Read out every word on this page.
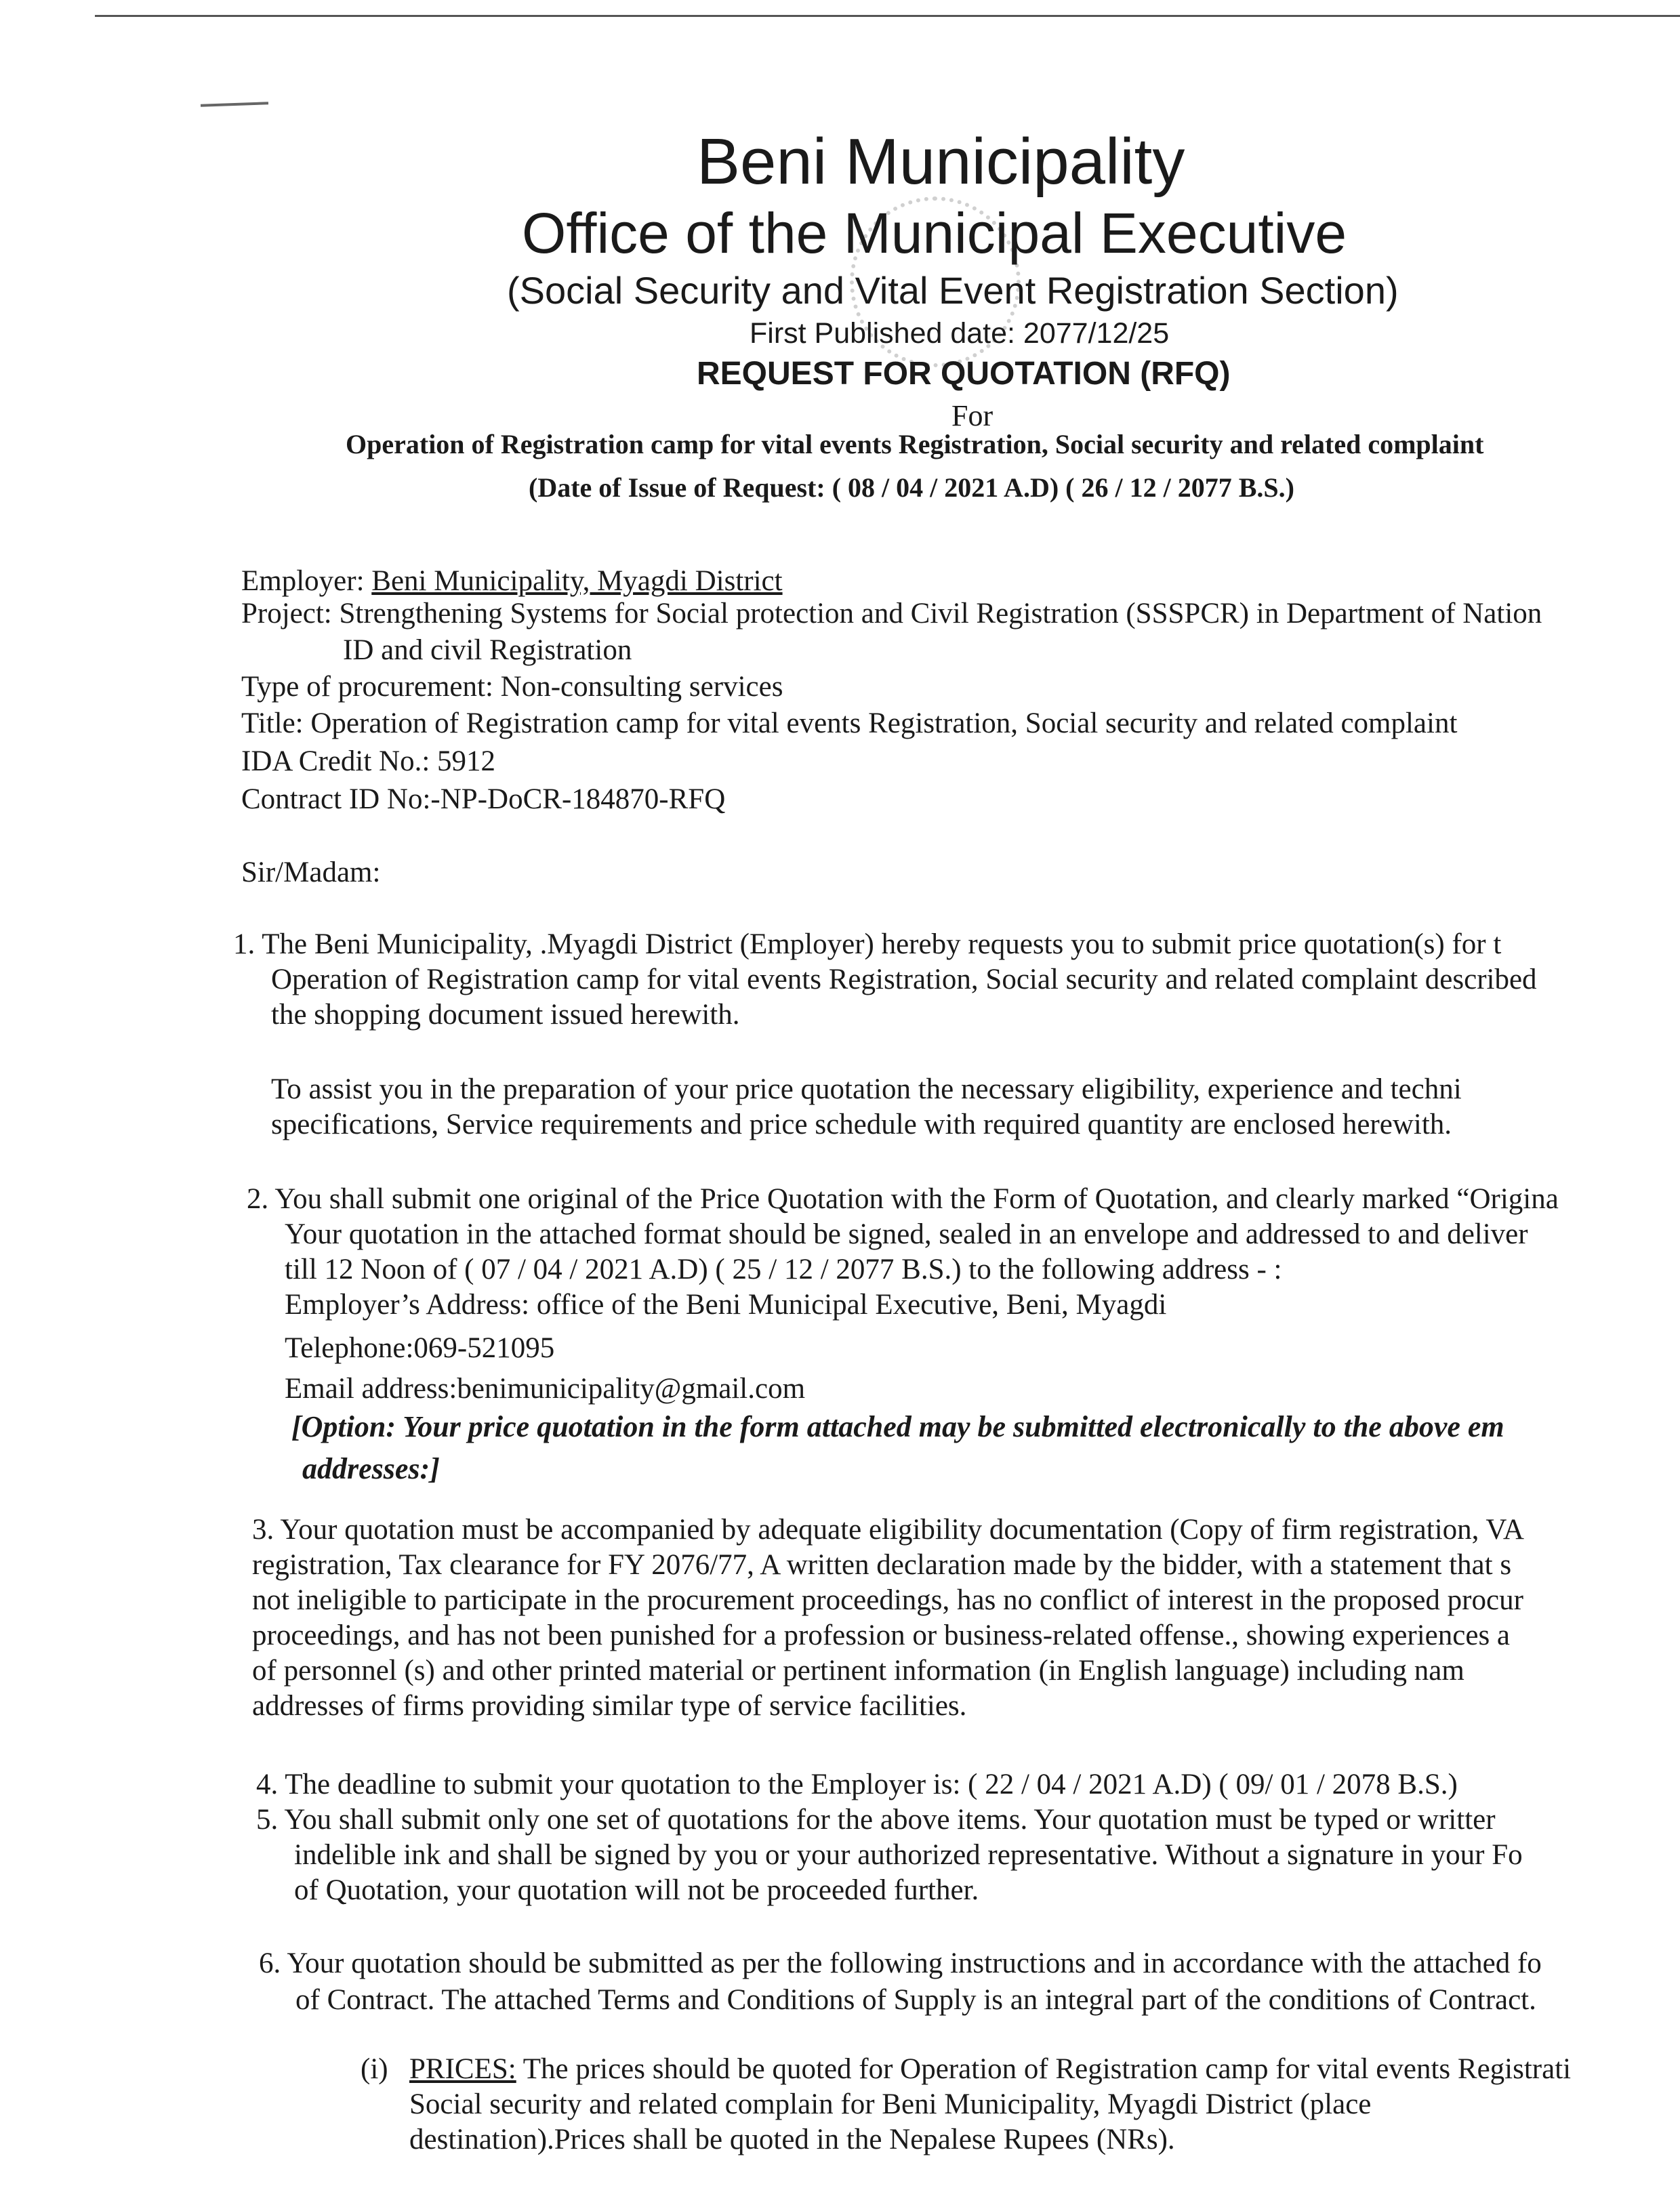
Beni Municipality
Office of the Municipal Executive
(Social Security and Vital Event Registration Section)
First Published date: 2077/12/25
REQUEST FOR QUOTATION (RFQ)
For
Operation of Registration camp for vital events Registration, Social security and related complaint
(Date of Issue of Request: ( 08 / 04 / 2021 A.D) ( 26 / 12 / 2077 B.S.)
Employer: Beni Municipality, Myagdi District
Project: Strengthening Systems for Social protection and Civil Registration (SSSPCR) in Department of Nation
ID and civil Registration
Type of procurement: Non-consulting services
Title: Operation of Registration camp for vital events Registration, Social security and related complaint
IDA Credit No.: 5912
Contract ID No:-NP-DoCR-184870-RFQ
Sir/Madam:
1. The Beni Municipality, .Myagdi District (Employer) hereby requests you to submit price quotation(s) for t
Operation of Registration camp for vital events Registration, Social security and related complaint described
the shopping document issued herewith.
To assist you in the preparation of your price quotation the necessary eligibility, experience and techni
specifications, Service requirements and price schedule with required quantity are enclosed herewith.
2. You shall submit one original of the Price Quotation with the Form of Quotation, and clearly marked “Origina
Your quotation in the attached format should be signed, sealed in an envelope and addressed to and deliver
till 12 Noon of ( 07 / 04 / 2021 A.D) ( 25 / 12 / 2077 B.S.) to the following address - :
Employer’s Address: office of the Beni Municipal Executive, Beni, Myagdi
Telephone:069-521095
Email address:benimunicipality@gmail.com
[Option: Your price quotation in the form attached may be submitted electronically to the above em
addresses:]
3. Your quotation must be accompanied by adequate eligibility documentation (Copy of firm registration, VA
registration, Tax clearance for FY 2076/77, A written declaration made by the bidder, with a statement that s
not ineligible to participate in the procurement proceedings, has no conflict of interest in the proposed procur
proceedings, and has not been punished for a profession or business-related offense., showing experiences a
of personnel (s) and other printed material or pertinent information (in English language) including nam
addresses of firms providing similar type of service facilities.
4. The deadline to submit your quotation to the Employer is: ( 22 / 04 / 2021 A.D) ( 09/ 01 / 2078 B.S.)
5. You shall submit only one set of quotations for the above items. Your quotation must be typed or writter
indelible ink and shall be signed by you or your authorized representative. Without a signature in your Fo
of Quotation, your quotation will not be proceeded further.
6. Your quotation should be submitted as per the following instructions and in accordance with the attached fo
of Contract. The attached Terms and Conditions of Supply is an integral part of the conditions of Contract.
(i) PRICES: The prices should be quoted for Operation of Registration camp for vital events Registrati
Social security and related complain for Beni Municipality, Myagdi District (place
destination).Prices shall be quoted in the Nepalese Rupees (NRs).
